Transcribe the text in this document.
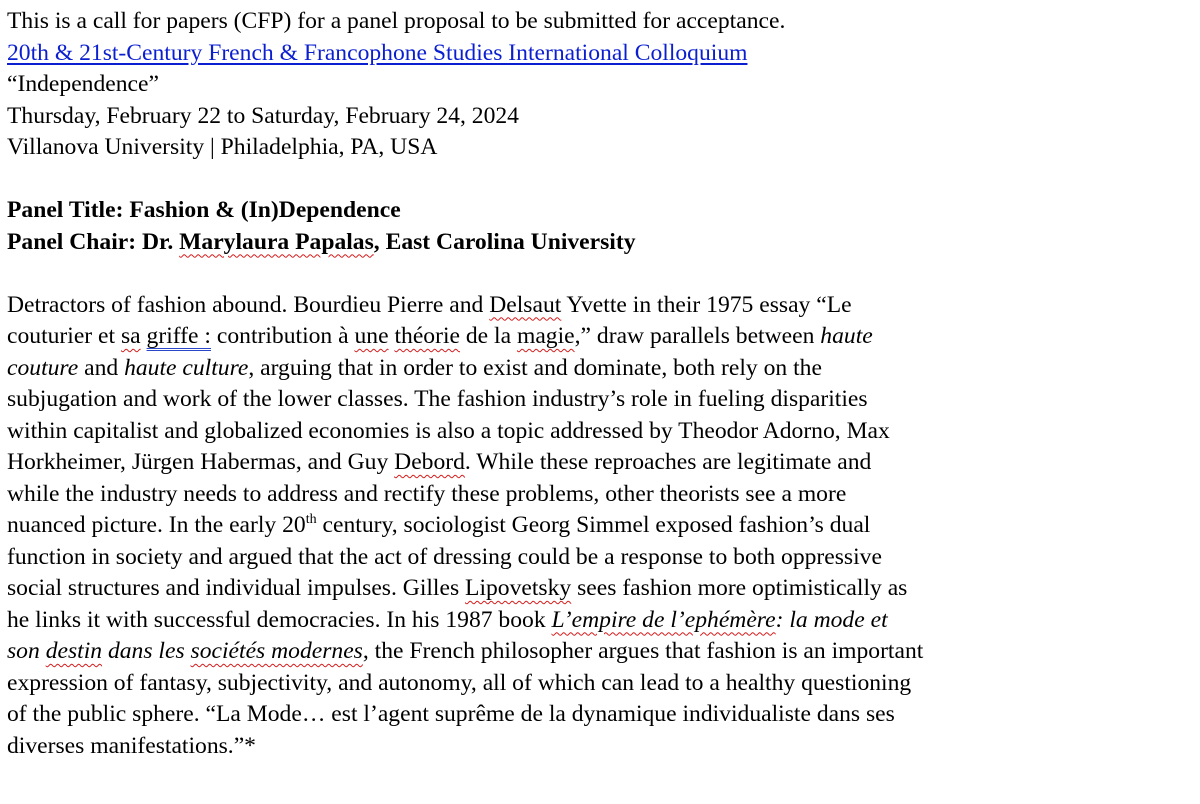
This is a call for papers (CFP) for a panel proposal to be submitted for acceptance.
20th & 21st-Century French & Francophone Studies International Colloquium
“Independence”
Thursday, February 22 to Saturday, February 24, 2024
Villanova University | Philadelphia, PA, USA
Panel Title: Fashion & (In)Dependence
Panel Chair: Dr. Marylaura Papalas, East Carolina University
Detractors of fashion abound. Bourdieu Pierre and Delsaut Yvette in their 1975 essay “Le
couturier et sa griffe : contribution à une théorie de la magie,” draw parallels between haute
couture and haute culture, arguing that in order to exist and dominate, both rely on the
subjugation and work of the lower classes. The fashion industry’s role in fueling disparities
within capitalist and globalized economies is also a topic addressed by Theodor Adorno, Max
Horkheimer, Jürgen Habermas, and Guy Debord. While these reproaches are legitimate and
while the industry needs to address and rectify these problems, other theorists see a more
nuanced picture. In the early 20th century, sociologist Georg Simmel exposed fashion’s dual
function in society and argued that the act of dressing could be a response to both oppressive
social structures and individual impulses. Gilles Lipovetsky sees fashion more optimistically as
he links it with successful democracies. In his 1987 book L’empire de l’ephémère: la mode et
son destin dans les sociétés modernes, the French philosopher argues that fashion is an important
expression of fantasy, subjectivity, and autonomy, all of which can lead to a healthy questioning
of the public sphere. “La Mode… est l’agent suprême de la dynamique individualiste dans ses
diverses manifestations.”*
